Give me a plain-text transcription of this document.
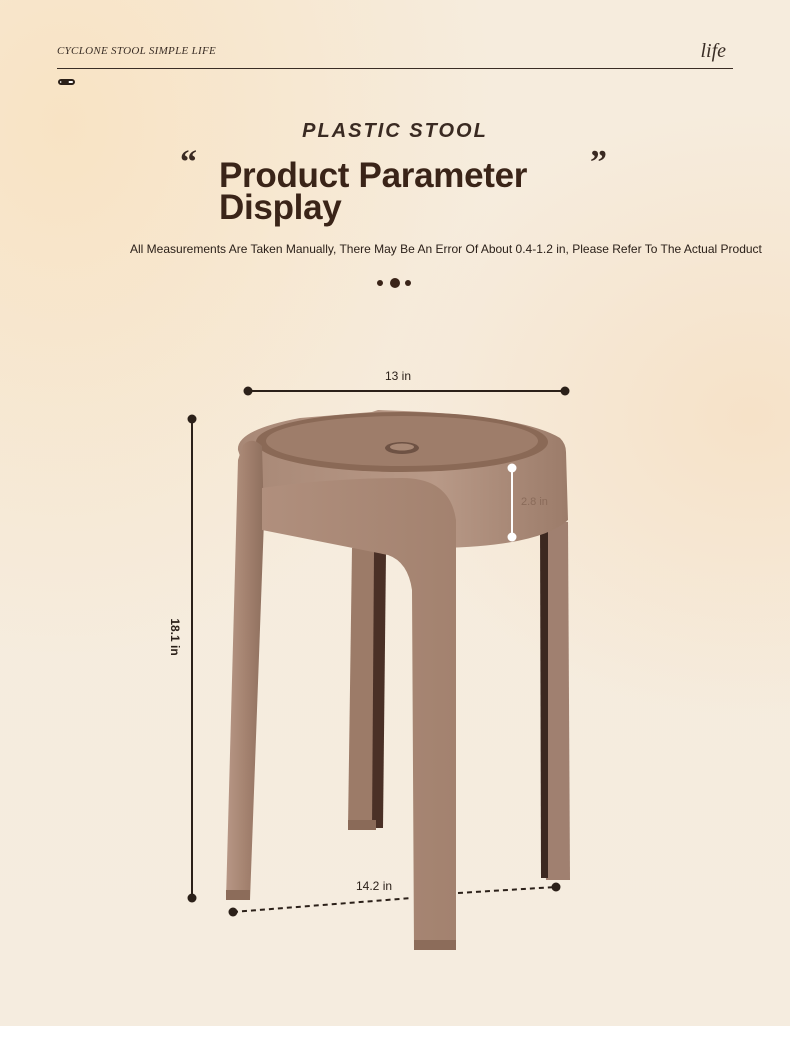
CYCLONE STOOL SIMPLE LIFE	life
PLASTIC STOOL
“	”
Product Parameter Display
All Measurements Are Taken Manually, There May Be An Error Of About 0.4-1.2 in, Please Refer To The Actual Product
13 in
18.1 in
2.8 in
14.2 in
